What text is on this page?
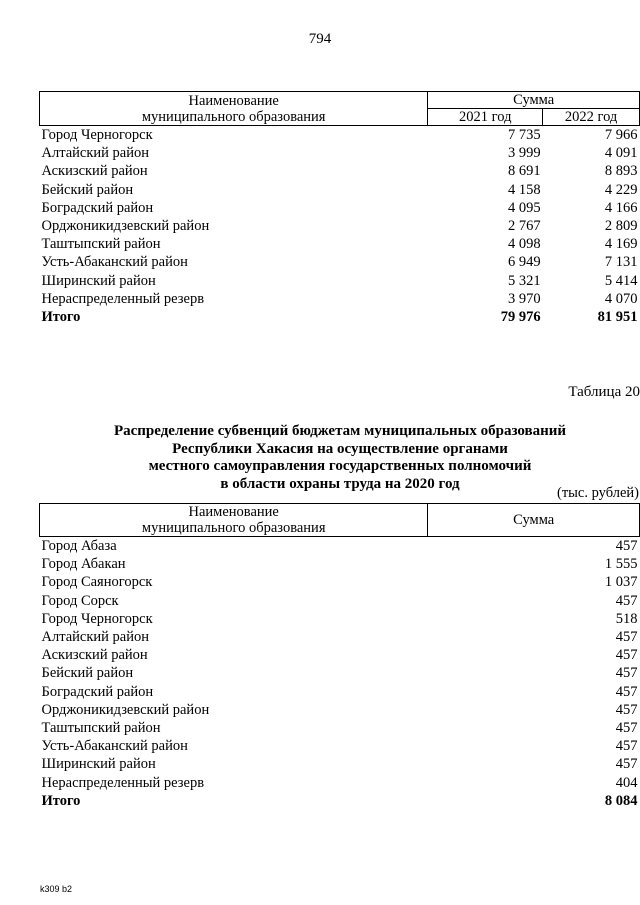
794
Наименование
муниципального образования	Сумма	
	2021 год	2022 год
Город Черногорск	7 735	7 966
Алтайский район	3 999	4 091
Аскизский район	8 691	8 893
Бейский район	4 158	4 229
Боградский район	4 095	4 166
Орджоникидзевский район	2 767	2 809
Таштыпский район	4 098	4 169
Усть-Абаканский район	6 949	7 131
Ширинский район	5 321	5 414
Нераспределенный резерв	3 970	4 070
Итого	79 976	81 951
Таблица 20
Распределение субвенций бюджетам муниципальных образований
Республики Хакасия на осуществление органами
местного самоуправления государственных полномочий
в области охраны труда на 2020 год
(тыс. рублей)
Наименование
муниципального образования	Сумма
Город Абаза	457
Город Абакан	1 555
Город Саяногорск	1 037
Город Сорск	457
Город Черногорск	518
Алтайский район	457
Аскизский район	457
Бейский район	457
Боградский район	457
Орджоникидзевский район	457
Таштыпский район	457
Усть-Абаканский район	457
Ширинский район	457
Нераспределенный резерв	404
Итого	8 084
k309 b2
